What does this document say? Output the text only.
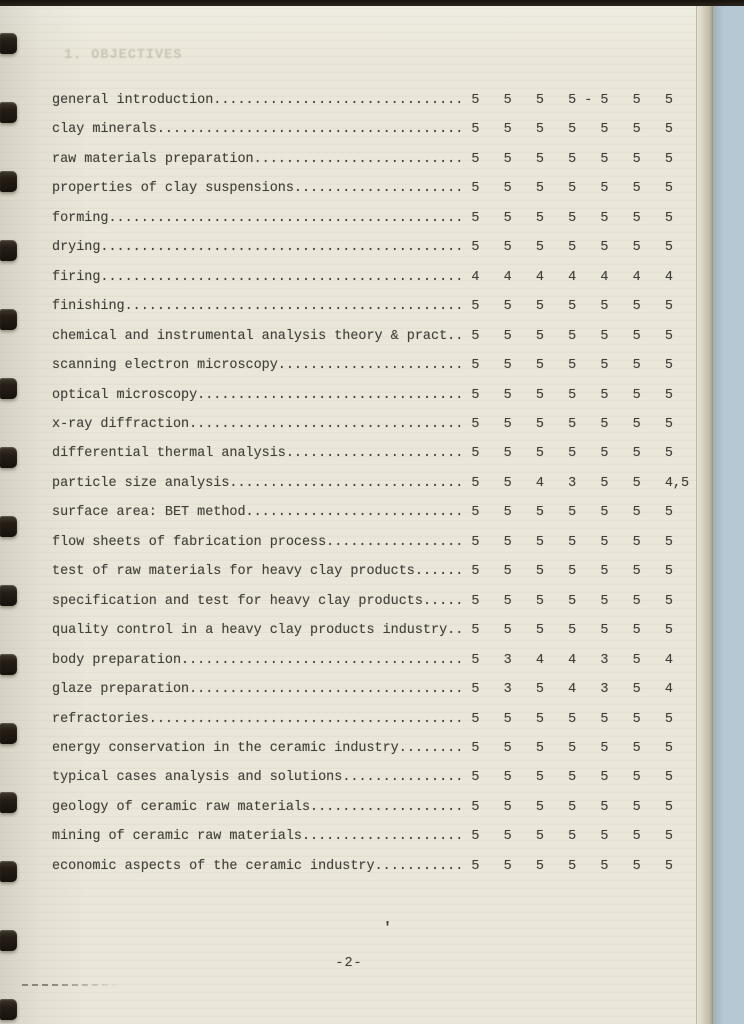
1. OBJECTIVES
general introduction............................... 5   5   5   5 - 5   5   5
clay minerals...................................... 5   5   5   5   5   5   5
raw materials preparation.......................... 5   5   5   5   5   5   5
properties of clay suspensions..................... 5   5   5   5   5   5   5
forming............................................ 5   5   5   5   5   5   5
drying............................................. 5   5   5   5   5   5   5
firing............................................. 4   4   4   4   4   4   4
finishing.......................................... 5   5   5   5   5   5   5
chemical and instrumental analysis theory & pract.. 5   5   5   5   5   5   5
scanning electron microscopy....................... 5   5   5   5   5   5   5
optical microscopy................................. 5   5   5   5   5   5   5
x-ray diffraction.................................. 5   5   5   5   5   5   5
differential thermal analysis...................... 5   5   5   5   5   5   5
particle size analysis............................. 5   5   4   3   5   5   4,5
surface area: BET method........................... 5   5   5   5   5   5   5
flow sheets of fabrication process................. 5   5   5   5   5   5   5
test of raw materials for heavy clay products...... 5   5   5   5   5   5   5
specification and test for heavy clay products..... 5   5   5   5   5   5   5
quality control in a heavy clay products industry.. 5   5   5   5   5   5   5
body preparation................................... 5   3   4   4   3   5   4
glaze preparation.................................. 5   3   5   4   3   5   4
refractories....................................... 5   5   5   5   5   5   5
energy conservation in the ceramic industry........ 5   5   5   5   5   5   5
typical cases analysis and solutions............... 5   5   5   5   5   5   5
geology of ceramic raw materials................... 5   5   5   5   5   5   5
mining of ceramic raw materials.................... 5   5   5   5   5   5   5
economic aspects of the ceramic industry........... 5   5   5   5   5   5   5
'
-2-
